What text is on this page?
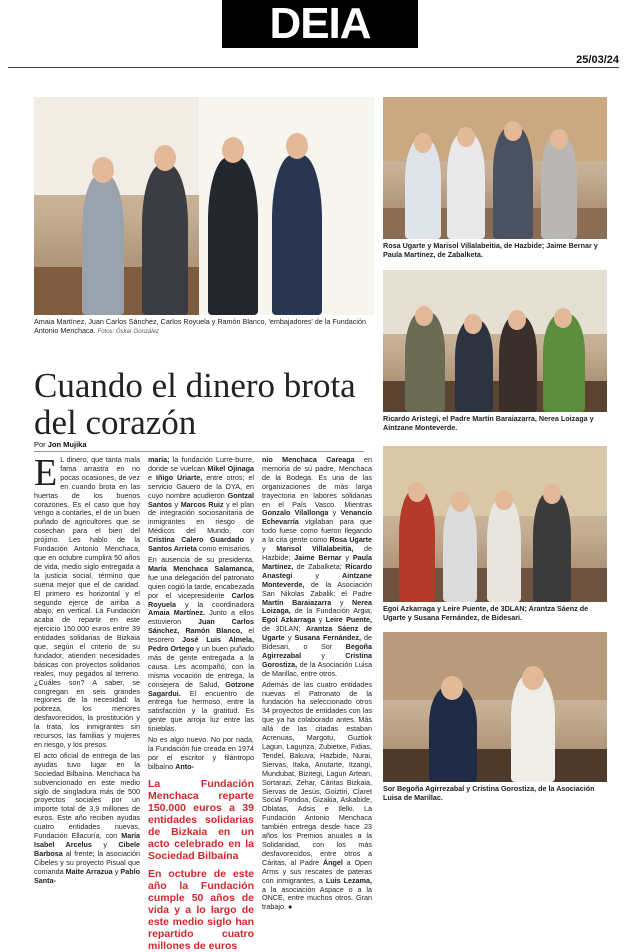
DEIA
25/03/24
Amaia Martínez, Juan Carlos Sánchez, Carlos Royuela y Ramón Blanco, 'embajadores' de la Fundación Antonio Menchaca. Fotos: Óskar González
Rosa Ugarte y Marisol Villalabeitia, de Hazbide; Jaime Bernar y Paula Martínez, de Zabalketa.
Ricardo Aristegi, el Padre Martín Baraiazarra, Nerea Loizaga y Aintzane Monteverde.
Egoi Azkarraga y Leire Puente, de 3DLAN; Arantza Sáenz de Ugarte y Susana Fernández, de Bidesari.
Sor Begoña Agirrezabal y Cristina Gorostiza, de la Asociación Luisa de Marillac.
Cuando el dinero brota del corazón
Por Jon Mujika

E L dinero, que tanta mala fama arrastra en no pocas ocasiones, de vez en cuando brota en las huertas de los buenos corazones. Es el caso que hoy vengo a contarles, el de un buen puñado de agricultores que se cosechan para el bien del prójimo. Les hablo de la Fundación Antonio Menchaca, que en octubre cumplirá 50 años de vida, medio siglo entregada a la justicia social, término que suena mejor que el de caridad. El primero es horizontal y el segundo ejerce de arriba a abajo, en vertical. La Fundación acaba de repartir en este ejercicio 150.000 euros entre 39 entidades solidarias de Bizkaia que, según el criterio de su fundador, atienden necesidades básicas con proyectos solidarios reales, muy pegados al terreno. ¿Cuáles son? A saber, se congregan en seis grandes regiones de la necesidad: la pobreza, los menores desfavorecidos, la prostitución y la trata, los inmigrantes sin recursos, las familias y mujeres en riesgo, y los presos.

El acto oficial de entrega de las ayudas tuvo lugar en la Sociedad Bilbaína. Menchaca ha subvencionado en este medio siglo de singladura más de 500 proyectos sociales por un importe total de 3,9 millones de euros. Este año reciben ayudas cuatro entidades nuevas, Fundación Ellacuría, con María Isabel Arcelus y Cibele Barbosa al frente; la asociación Cibeles y su proyecto Pisual que comanda Maite Arrazua y Pablo Santa-

maría; la fundación Lurre-burre, donde se vuelcan Mikel Ojinaga e Iñigo Uriarte, entre otros; el servicio Gauero de la DYA, en cuyo nombre acudieron Gontzal Santos y Marcos Ruiz y el plan de integración sociosanitaria de inmigrantes en riesgo de Médicos del Mundo, con Cristina Calero Guardado y Santos Arrieta como emisarios.

En ausencia de su presidenta, María Menchaca Salamanca, fue una delegación del patronato quien cogió la tarde, encabezada por el vicepresidente Carlos Royuela y la coordinadora Amaia Martínez. Junto a ellos estuvieron Juan Carlos Sánchez, Ramón Blanco, el tesorero José Luis Almela, Pedro Ortego y un buen puñado más de gente entregada a la causa. Les acompañó, con la misma vocación de entrega, la consejera de Salud, Gotzone Sagardui. El encuentro de entrega fue hermoso, entre la satisfacción y la gratitud. Es gente que arroja luz entre las tinieblas.

No es algo nuevo. No por nada, la Fundación fue creada en 1974 por el escritor y filántropo bilbaíno Anto-

La Fundación Menchaca reparte 150.000 euros a 39 entidades solidarias de Bizkaia en un acto celebrado en la Sociedad Bilbaína
En octubre de este año la Fundación cumple 50 años de vida y a lo largo de este medio siglo han repartido cuatro millones de euros

nio Menchaca Careaga en memoria de su padre, Menchaca de la Bodega. Es una de las organizaciones de más larga trayectoria en labores solidarias en el País Vasco. Mientras Gonzalo Vilallonga y Venancio Echevarría vigilaban para que todo fuese como fueron llegando a la cita gente como Rosa Ugarte y Marisol Villalabeitia, de Hazbide; Jaime Bernar y Paula Martínez, de Zabalketa; Ricardo Anastegi	y	Aintzane Monteverde, de la Asociación San Nikolas Zabalik; el Padre Martín Baraiazarra y Nerea Loizaga, de la Fundación Argia; Egoi Azkarraga y Leire Puente, de 3DLAN; Arantza Sáenz de Ugarte y Susana Fernández, de Bidesari, o Sor Begoña Agirrezabal	y	Cristina Gorostiza, de la Asociación Luisa de Marillac, entre otros.

Además de las cuatro entidades nuevas el Patronato de la fundación ha seleccionado otros 34 proyectos de entidades con las que ya ha colaborado antes. Más allá de las citadas estaban Acrenuas, Margotu, Guztiok Lagun, Lagunza, Zubietxe, Fidias, Tendel, Bakuva, Hazbide, Nurai, Siervas, Itaka, Anutarte, Itzangi, Mundubat, Bizitegi, Lagun Artean, Sortarazi, Zehar, Cáritas Bizkaia, Siervas de Jesús, Goiztiri, Claret Social Fondoa, Gizakia, Askabide, Oblatas, Adsis e Ilelki. La Fundación Antonio Menchaca también entrega desde hace 23 años los Premios anuales a la Solidaridad, con los más desfavorecidos, entre otros a Cáritas, al Padre Ángel a Open Arms y sus rescates de pateras con inmigrantes, a Luis Lezama, a la asociación Aspace o a la ONCE, entre muchos otros. Gran trabajo. ●
